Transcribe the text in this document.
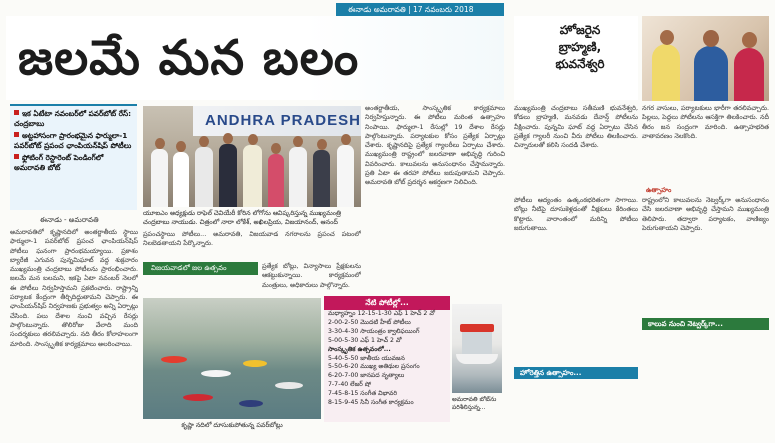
ఈనాడు అమరావతి | 17 నవంబరు 2018
జలమే మన బలం
ఇక ఏటేటా నవంబర్‌లో పవర్‌బోట్ రేస్‌: చంద్రబాబు
అట్టహాసంగా ప్రారంభమైన ఫార్ములా-1 పవర్‌బోట్ ప్రపంచ ఛాంపియన్‌షిప్ పోటీలు
ఫ్లోటింగ్ రెస్టారెంట్ పెండింగ్‌లో అమరావతి బోట్
ఈనాడు - అమరావతి
అమరావతిలో కృష్ణానదిలో అంతర్జాతీయ స్థాయి ఫార్ములా-1 పవర్‌బోట్ ప్రపంచ ఛాంపియన్‌షిప్ పోటీలు ఘనంగా ప్రారంభమయ్యాయి. ప్రకాశం బ్యారేజీ ఎగువన పున్నమిఘాట్ వద్ద శుక్రవారం ముఖ్యమంత్రి చంద్రబాబు పోటీలను ప్రారంభించారు. జలమే మన బలమని, ఇకపై ఏటా నవంబర్ నెలలో ఈ పోటీలు నిర్వహిస్తామని ప్రకటించారు. రాష్ట్రాన్ని పర్యాటక కేంద్రంగా తీర్చిదిద్దుతామని చెప్పారు. ఈ ఛాంపియన్‌షిప్ నిర్వహణకు ప్రభుత్వం అన్ని ఏర్పాట్లు చేసింది. పలు దేశాల నుంచి వచ్చిన రేసర్లు పాల్గొంటున్నారు. తొలిరోజు వేలాది మంది సందర్శకులు తరలివచ్చారు. నది తీరం కోలాహలంగా మారింది. సాంస్కృతిక కార్యక్రమాలు అలరించాయి.
ANDHRA PRADESH
యూఐఎం అధ్యక్షుడు రాఫెల్ చెవియేరీ కోరిన లోగోను ఆవిష్కరిస్తున్న ముఖ్యమంత్రి చంద్రబాబు నాయుడు. చిత్రంలో నారా లోకేశ్, అఖిలప్రియ, విజయానంద్, ఆనంద్
ప్రపంచస్థాయి పోటీలు... అమరావతి, విజయవాడ నగరాలను ప్రపంచ పటంలో నిలబెడతాయని పేర్కొన్నారు.
విజయవాడలో జల ఉత్సవం	ప్రత్యేక బోట్లు, విన్యాసాలు ప్రేక్షకులను ఆకట్టుకున్నాయి. కార్యక్రమంలో మంత్రులు, అధికారులు పాల్గొన్నారు.
అంతర్జాతీయ, సాంస్కృతిక కార్యక్రమాలు నిర్వహిస్తున్నారు. ఈ పోటీలు మరింత ఉత్సాహం నింపాయి. ఫార్ములా-1 రేసుల్లో 19 దేశాల రేసర్లు పాల్గొంటున్నారు. పర్యాటకుల కోసం ప్రత్యేక ఏర్పాట్లు చేశారు. కృష్ణానదిపై ప్రత్యేక గ్యాలరీలు ఏర్పాటు చేశారు. ముఖ్యమంత్రి రాష్ట్రంలో జలరవాణా అభివృద్ధి గురించి వివరించారు. కాలువలను అనుసంధానం చేస్తామన్నారు. ప్రతి ఏటా ఈ తరహా పోటీలు జరుపుతామని చెప్పారు. అమరావతి బోట్ ప్రదర్శన ఆకర్షణగా నిలిచింది.
కృష్ణా నదిలో దూసుకుపోతున్న పవర్‌బోట్లు
నేటి పోటీల్లో...
మధ్యాహ్నం 12-15-1-30 ఎఫ్ 1 హెచ్ 2 వో
2-00-2-50 మొదటి హీట్ పోటీలు
3-30-4-30 సాయంత్రం క్వాలిఫయింగ్
5-00-5-30 ఎఫ్ 1 హెచ్ 2 వో
సాంస్కృతిక ఉత్సవంలో...
5-40-5-50 జాతీయ యువజన
5-50-6-20 ముఖ్య అతిథుల ప్రసంగం
6-20-7-00 జానపద నృత్యాలు
7-7-40 లేజర్ షో
7-45-8-15 సంగీత విభావరి
8-15-9-45 సినీ సంగీత కార్యక్రమం	అమరావతి బోట్‌ను పరిశీలిస్తున్న...
హోజరైన బ్రాహ్మణి, భువనేశ్వరి
ముఖ్యమంత్రి చంద్రబాబు సతీమణి భువనేశ్వరి, కోడలు బ్రాహ్మణి, మనవడు దేవాన్ష్ పోటీలను వీక్షించారు. పున్నమి ఘాట్ వద్ద ఏర్పాటు చేసిన ప్రత్యేక గ్యాలరీ నుంచి వీరు పోటీలు తిలకించారు. చిన్నారులతో కలిసి సందడి చేశారు.
నగర వాసులు, పర్యాటకులు భారీగా తరలివచ్చారు. పిల్లలు, పెద్దలు పోటీలను ఆసక్తిగా తిలకించారు. నదీ తీరం జన సంద్రంగా మారింది. ఉత్సాహభరిత వాతావరణం నెలకొంది.
ఉత్సాహం
పోటీలు ఆద్యంతం ఉత్కంఠభరితంగా సాగాయి. బోట్లు నీటిపై దూసుకెళ్లడంతో వీక్షకులు కేరింతలు కొట్టారు. వారాంతంలో మరిన్ని పోటీలు జరుగుతాయి.
రాష్ట్రంలోని కాలువలను నెట్వర్క్‌గా అనుసంధానం చేసి జలరవాణా అభివృద్ధి చేస్తామని ముఖ్యమంత్రి తెలిపారు. తద్వారా పర్యాటకం, వాణిజ్యం పెరుగుతాయని చెప్పారు.
కాలువ నుంచి నెట్వర్క్‌గా...
హోరెత్తిన ఉత్సాహం...
